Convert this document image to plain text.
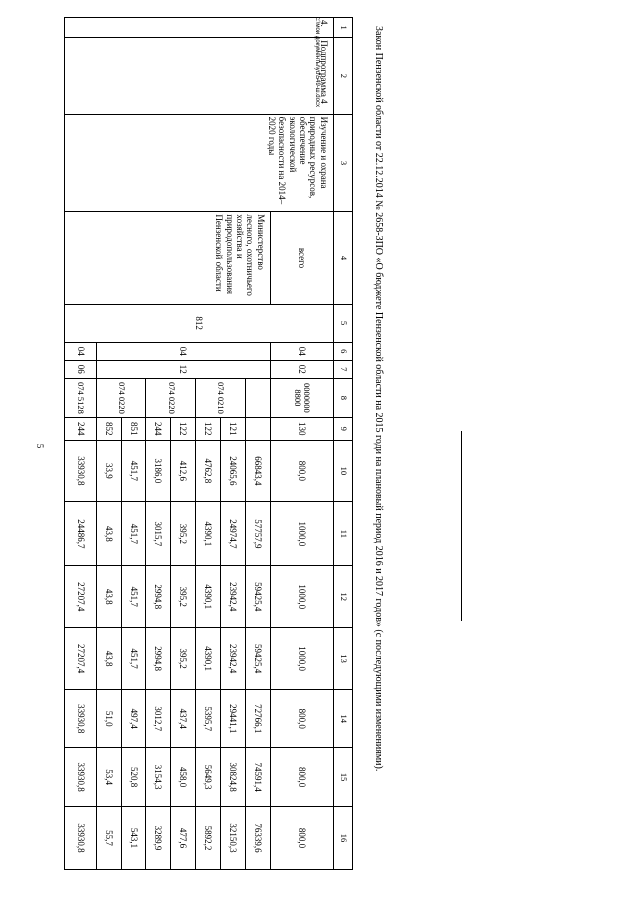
5
1	2	3	4	5	6	7	8	9	10	11	12	13	14	15	16
4.	Подпрограмма 4	Изучение и охрана природных ресурсов, обеспечение экологической безопасности на 2014–2020 годы	всего	812	04	02	0000000 8800	130	800,0	1000,0	1000,0	1000,0	800,0	800,0	800,0
			Министерство лесного, охотничьего хозяйства и природопользования Пензенской области		04	12			66843,4	57757,9	59425,4	59425,4	72766,1	74591,4	76339,6
							074 0210	121	24065,6	24974,7	23942,4	23942,4	29441,1	30824,8	32150,3
								122	4762,8	4390,1	4390,1	4390,1	5395,7	5649,3	5892,2
							074 0220	122	412,6	395,2	395,2	395,2	437,4	458,0	477,6
								244	3186,0	3015,7	2994,8	2994,8	3012,7	3154,3	3289,9
							074 0220	851	451,7	451,7	451,7	451,7	497,4	520,8	543,1
								852	33,9	43,8	43,8	43,8	51,0	53,4	55,7
					04	06	074 5128	244	33930,8	24486,7	27207,4	27207,4	33930,8	33930,8	33930,8
Закон Пензенской области от 22.12.2014 № 2658-ЗПО «О бюджете Пензенской области на 2015 годи на плановый период 2016 и 2017 годов» (с последующими изменениями).
c:\мои документы\yd\549-ш.docx
